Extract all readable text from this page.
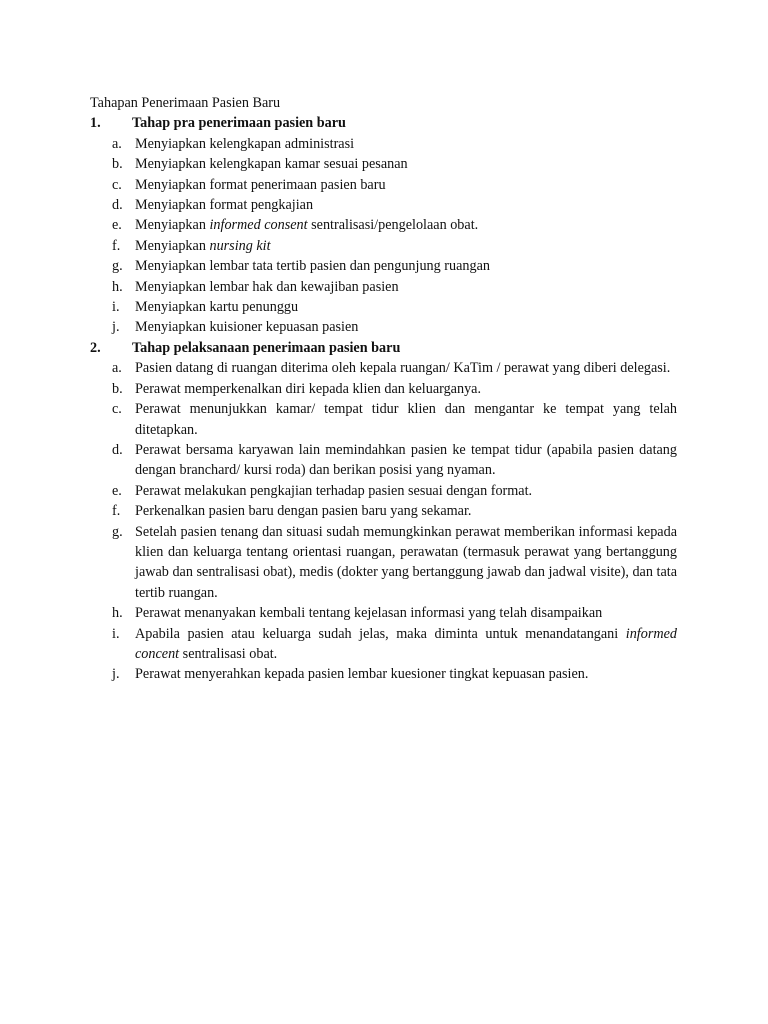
Tahapan Penerimaan Pasien Baru
1.	Tahap pra penerimaan pasien baru
a. Menyiapkan kelengkapan administrasi
b. Menyiapkan kelengkapan kamar sesuai pesanan
c. Menyiapkan format penerimaan pasien baru
d. Menyiapkan format pengkajian
e. Menyiapkan informed consent sentralisasi/pengelolaan obat.
f. Menyiapkan nursing kit
g. Menyiapkan lembar tata tertib pasien dan pengunjung ruangan
h. Menyiapkan lembar hak dan kewajiban pasien
i. Menyiapkan kartu penunggu
j. Menyiapkan kuisioner kepuasan pasien
2.	Tahap pelaksanaan penerimaan pasien baru
a. Pasien datang di ruangan diterima oleh kepala ruangan/ KaTim / perawat yang diberi delegasi.
b. Perawat memperkenalkan diri kepada klien dan keluarganya.
c. Perawat menunjukkan kamar/ tempat tidur klien dan mengantar ke tempat yang telah ditetapkan.
d. Perawat bersama karyawan lain memindahkan pasien ke tempat tidur (apabila pasien datang dengan branchard/ kursi roda) dan berikan posisi yang nyaman.
e. Perawat melakukan pengkajian terhadap pasien sesuai dengan format.
f. Perkenalkan pasien baru dengan pasien baru yang sekamar.
g. Setelah pasien tenang dan situasi sudah memungkinkan perawat memberikan informasi kepada klien dan keluarga tentang orientasi ruangan, perawatan (termasuk perawat yang bertanggung jawab dan sentralisasi obat), medis (dokter yang bertanggung jawab dan jadwal visite), dan tata tertib ruangan.
h. Perawat menanyakan kembali tentang kejelasan informasi yang telah disampaikan
i. Apabila pasien atau keluarga sudah jelas, maka diminta untuk menandatangani informed concent sentralisasi obat.
j. Perawat menyerahkan kepada pasien lembar kuesioner tingkat kepuasan pasien.
